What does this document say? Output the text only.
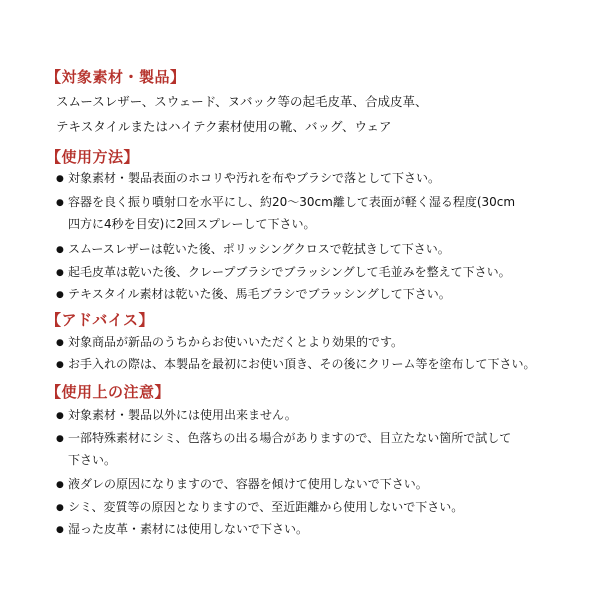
【対象素材・製品】
スムースレザー、スウェード、ヌバック等の起毛皮革、合成皮革、
テキスタイルまたはハイテク素材使用の靴、バッグ、ウェア
【使用方法】
● 対象素材・製品表面のホコリや汚れを布やブラシで落として下さい。
● 容器を良く振り噴射口を水平にし、約20～30cm離して表面が軽く湿る程度(30cm
四方に4秒を目安)に2回スプレーして下さい。
● スムースレザーは乾いた後、ポリッシングクロスで乾拭きして下さい。
● 起毛皮革は乾いた後、クレープブラシでブラッシングして毛並みを整えて下さい。
● テキスタイル素材は乾いた後、馬毛ブラシでブラッシングして下さい。
【アドバイス】
● 対象商品が新品のうちからお使いいただくとより効果的です。
● お手入れの際は、本製品を最初にお使い頂き、その後にクリーム等を塗布して下さい。
【使用上の注意】
● 対象素材・製品以外には使用出来ません。
● 一部特殊素材にシミ、色落ちの出る場合がありますので、目立たない箇所で試して
下さい。
● 液ダレの原因になりますので、容器を傾けて使用しないで下さい。
● シミ、変質等の原因となりますので、至近距離から使用しないで下さい。
● 湿った皮革・素材には使用しないで下さい。
